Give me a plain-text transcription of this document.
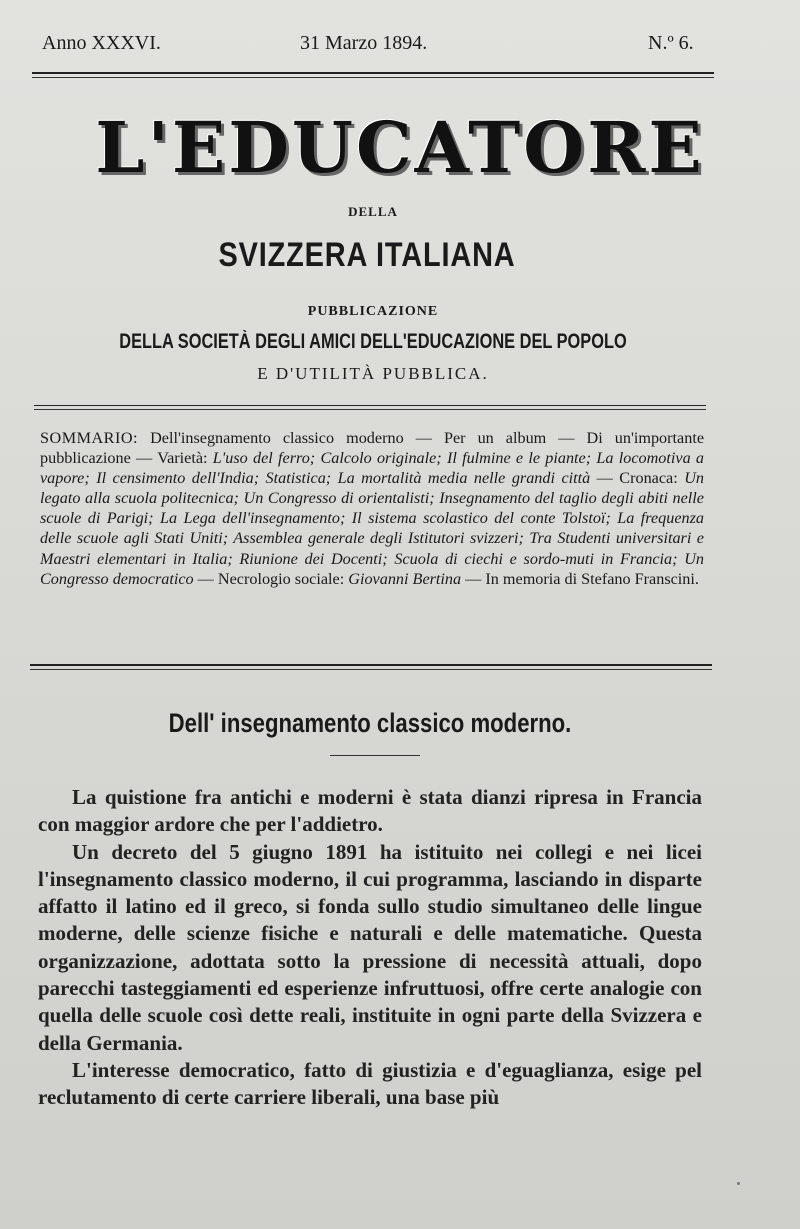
Anno XXXVI.	31 Marzo 1894.	N.º 6.
L'EDUCATORE
DELLA
SVIZZERA ITALIANA
PUBBLICAZIONE
DELLA SOCIETÀ DEGLI AMICI DELL'EDUCAZIONE DEL POPOLO
E D'UTILITÀ PUBBLICA.
SOMMARIO: Dell'insegnamento classico moderno — Per un album — Di un'importante pubblicazione — Varietà: L'uso del ferro; Calcolo originale; Il fulmine e le piante; La locomotiva a vapore; Il censimento dell'India; Statistica; La mortalità media nelle grandi città — Cronaca: Un legato alla scuola politecnica; Un Congresso di orientalisti; Insegnamento del taglio degli abiti nelle scuole di Parigi; La Lega dell'insegnamento; Il sistema scolastico del conte Tolstoï; La frequenza delle scuole agli Stati Uniti; Assemblea generale degli Istitutori svizzeri; Tra Studenti universitari e Maestri elementari in Italia; Riunione dei Docenti; Scuola di ciechi e sordo-muti in Francia; Un Congresso democratico — Necrologio sociale: Giovanni Bertina — In memoria di Stefano Franscini.
Dell' insegnamento classico moderno.

La quistione fra antichi e moderni è stata dianzi ripresa in Francia con maggior ardore che per l'addietro.

Un decreto del 5 giugno 1891 ha istituito nei collegi e nei licei l'insegnamento classico moderno, il cui programma, lasciando in disparte affatto il latino ed il greco, si fonda sullo studio simultaneo delle lingue moderne, delle scienze fisiche e naturali e delle matematiche. Questa organizzazione, adottata sotto la pressione di necessità attuali, dopo parecchi tasteggiamenti ed esperienze infruttuosi, offre certe analogie con quella delle scuole così dette reali, instituite in ogni parte della Svizzera e della Germania.

L'interesse democratico, fatto di giustizia e d'eguaglianza, esige pel reclutamento di certe carriere liberali, una base più
